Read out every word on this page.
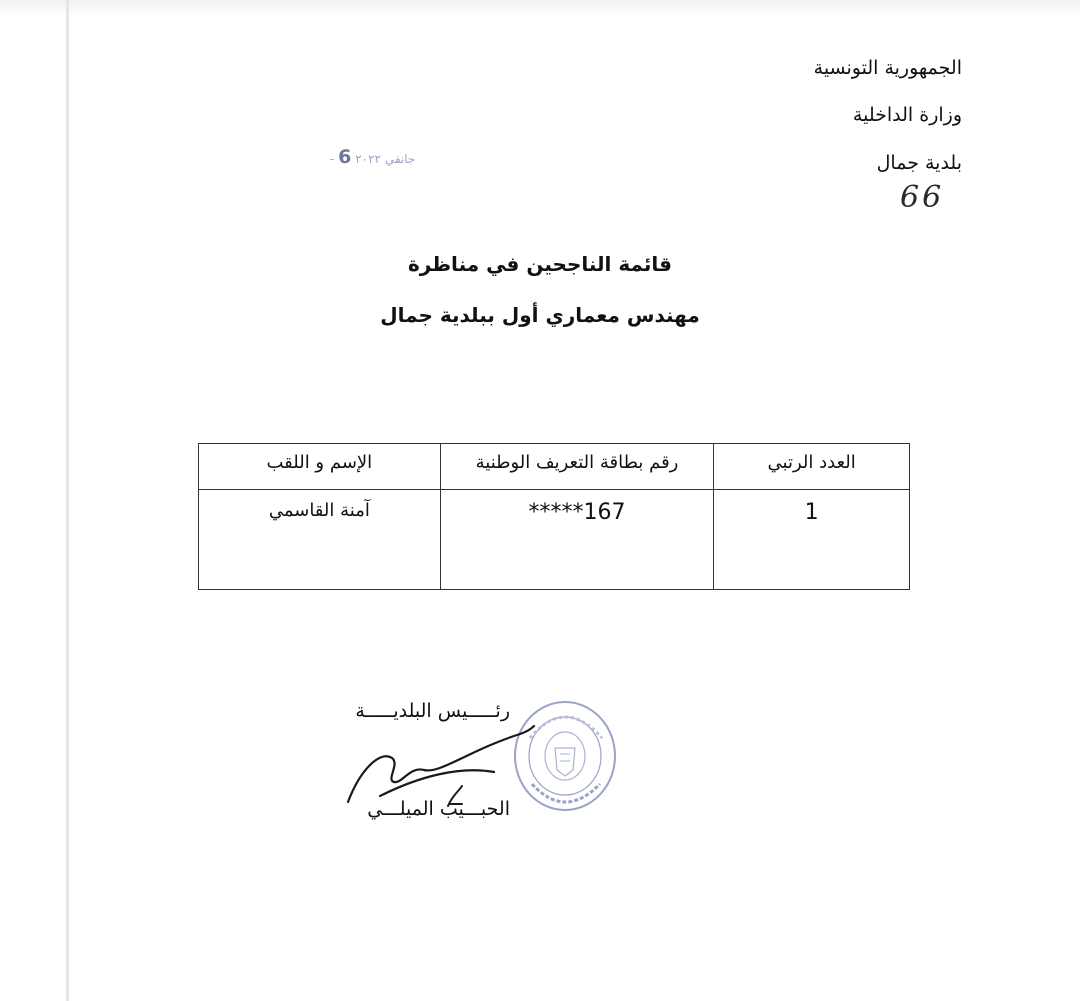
الجمهورية التونسية
وزارة الداخلية
بلدية جمال
66
- جانفي ٢٠٢٢ 6
قائمة الناجحين في مناظرة
مهندس معماري أول ببلدية جمال
العدد الرتبي	رقم بطاقة التعريف الوطنية	الإسم و اللقب
1	*****167	آمنة القاسمي
رئـــــيس البلديـــــة
الحبـــيب الميلـــي
